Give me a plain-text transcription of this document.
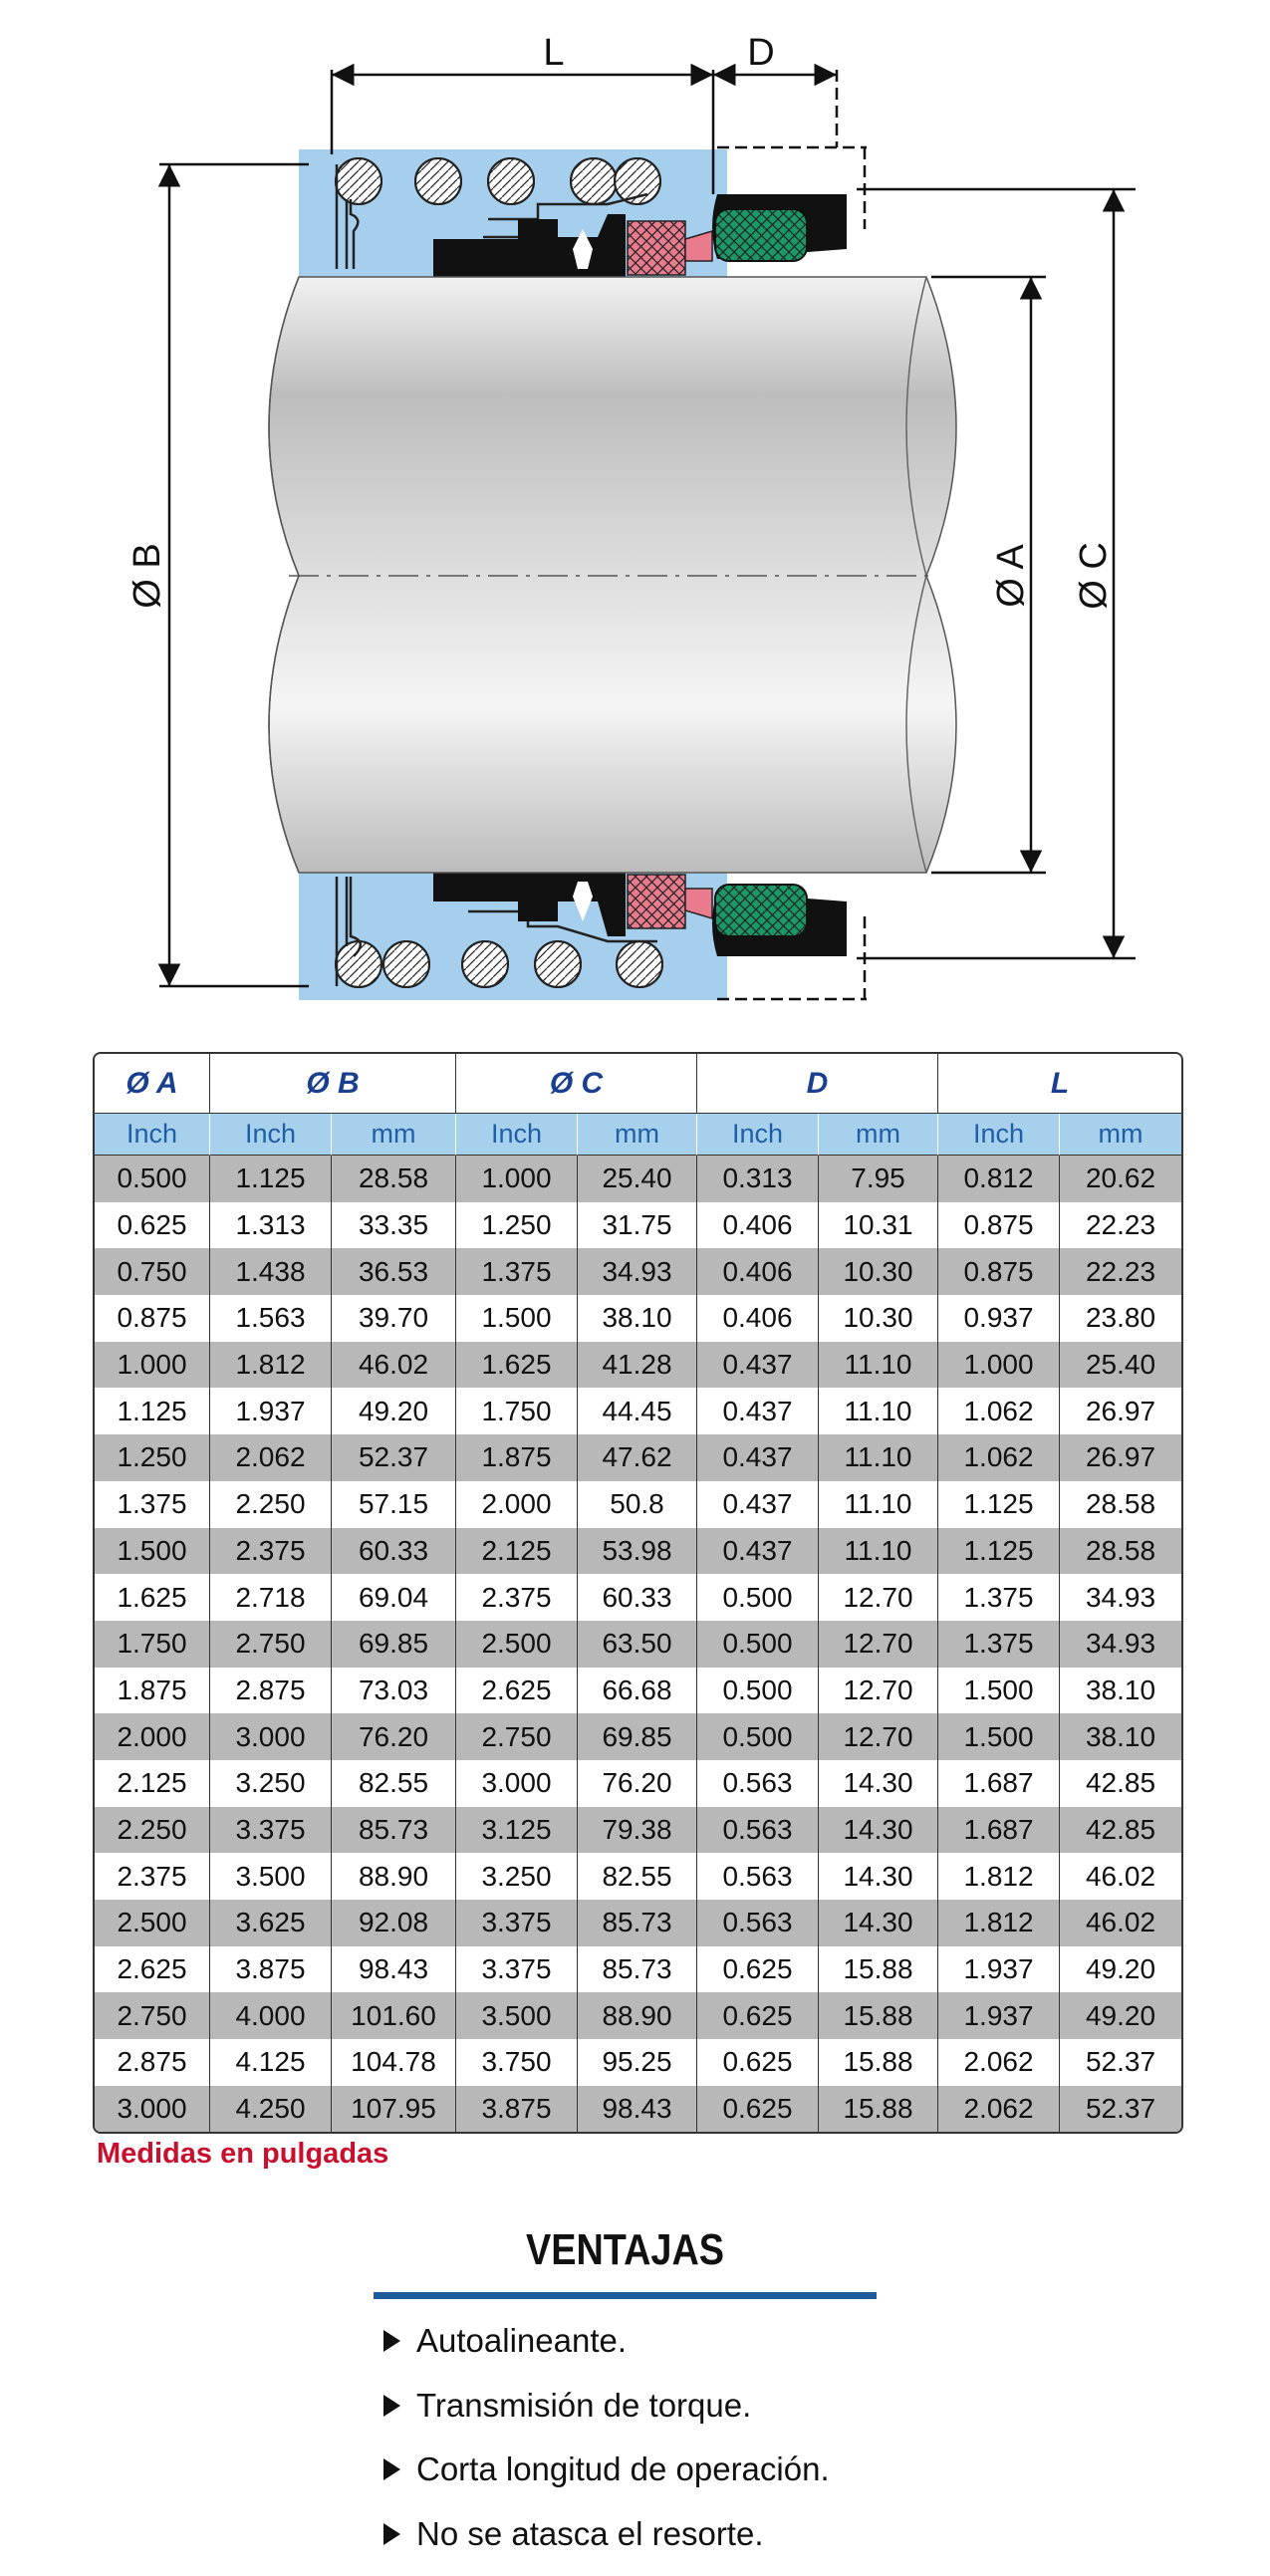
L	D
Ø B	Ø A Ø C
Ø A	Ø B		Ø C		D		L	
Inch	Inch	mm	Inch	mm	Inch	mm	Inch	mm
0.500	1.125	28.58	1.000	25.40	0.313	7.95	0.812	20.62
0.625	1.313	33.35	1.250	31.75	0.406	10.31	0.875	22.23
0.750	1.438	36.53	1.375	34.93	0.406	10.30	0.875	22.23
0.875	1.563	39.70	1.500	38.10	0.406	10.30	0.937	23.80
1.000	1.812	46.02	1.625	41.28	0.437	11.10	1.000	25.40
1.125	1.937	49.20	1.750	44.45	0.437	11.10	1.062	26.97
1.250	2.062	52.37	1.875	47.62	0.437	11.10	1.062	26.97
1.375	2.250	57.15	2.000	50.8	0.437	11.10	1.125	28.58
1.500	2.375	60.33	2.125	53.98	0.437	11.10	1.125	28.58
1.625	2.718	69.04	2.375	60.33	0.500	12.70	1.375	34.93
1.750	2.750	69.85	2.500	63.50	0.500	12.70	1.375	34.93
1.875	2.875	73.03	2.625	66.68	0.500	12.70	1.500	38.10
2.000	3.000	76.20	2.750	69.85	0.500	12.70	1.500	38.10
2.125	3.250	82.55	3.000	76.20	0.563	14.30	1.687	42.85
2.250	3.375	85.73	3.125	79.38	0.563	14.30	1.687	42.85
2.375	3.500	88.90	3.250	82.55	0.563	14.30	1.812	46.02
2.500	3.625	92.08	3.375	85.73	0.563	14.30	1.812	46.02
2.625	3.875	98.43	3.375	85.73	0.625	15.88	1.937	49.20
2.750	4.000	101.60	3.500	88.90	0.625	15.88	1.937	49.20
2.875	4.125	104.78	3.750	95.25	0.625	15.88	2.062	52.37
3.000	4.250	107.95	3.875	98.43	0.625	15.88	2.062	52.37

Medidas en pulgadas

VENTAJAS
Autoalineante.
Transmisión de torque.
Corta longitud de operación.
No se atasca el resorte.
